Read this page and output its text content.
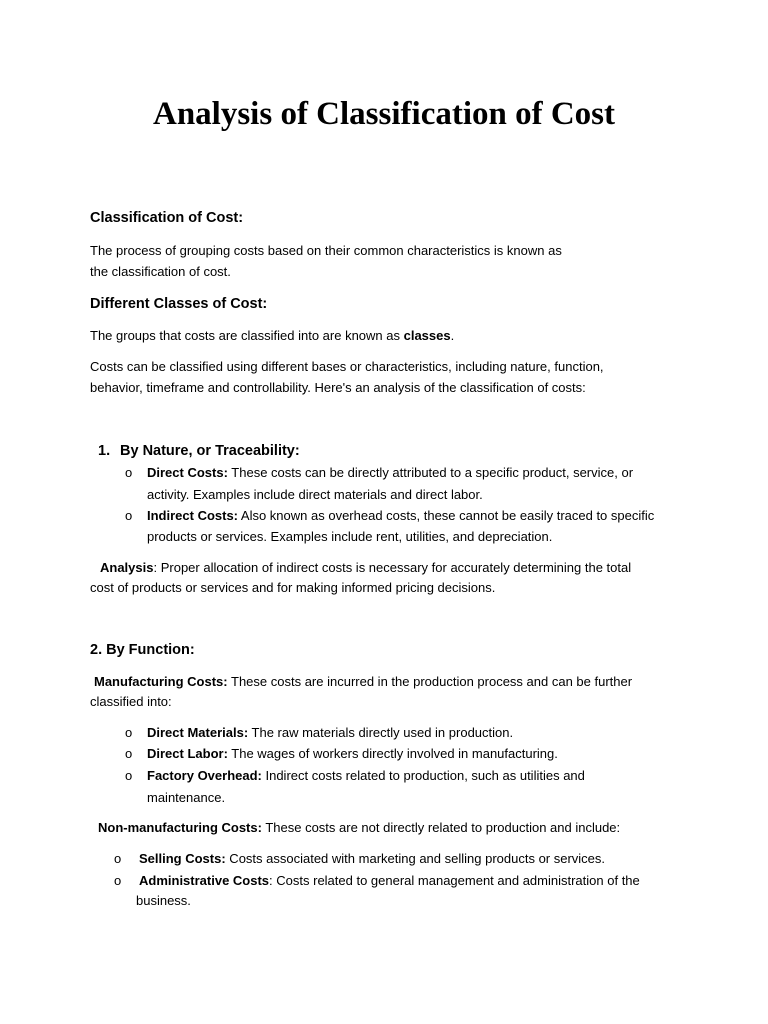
Analysis of Classification of Cost
Classification of Cost:
The process of grouping costs based on their common characteristics is known as
the classification of cost.
Different Classes of Cost:
The groups that costs are classified into are known as classes.
Costs can be classified using different bases or characteristics, including nature, function,
behavior, timeframe and controllability. Here's an analysis of the classification of costs:
1. By Nature, or Traceability:
o Direct Costs: These costs can be directly attributed to a specific product, service, or
activity. Examples include direct materials and direct labor.
o Indirect Costs: Also known as overhead costs, these cannot be easily traced to specific
products or services. Examples include rent, utilities, and depreciation.
Analysis: Proper allocation of indirect costs is necessary for accurately determining the total
cost of products or services and for making informed pricing decisions.
2. By Function:
Manufacturing Costs: These costs are incurred in the production process and can be further
classified into:
o Direct Materials: The raw materials directly used in production.
o Direct Labor: The wages of workers directly involved in manufacturing.
o Factory Overhead: Indirect costs related to production, such as utilities and
maintenance.
Non-manufacturing Costs: These costs are not directly related to production and include:
o Selling Costs: Costs associated with marketing and selling products or services.
o Administrative Costs: Costs related to general management and administration of the
business.
